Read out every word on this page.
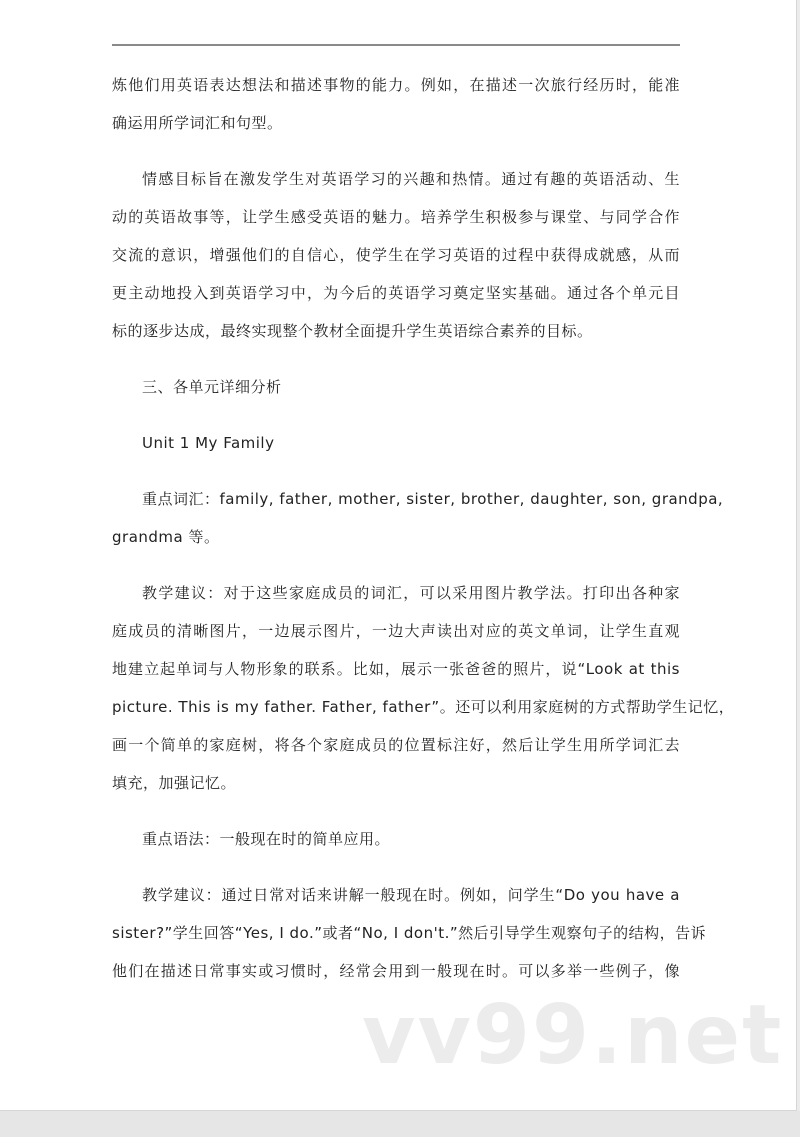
炼他们用英语表达想法和描述事物的能力。例如，在描述一次旅行经历时，能准
确运用所学词汇和句型。
情感目标旨在激发学生对英语学习的兴趣和热情。通过有趣的英语活动、生
动的英语故事等，让学生感受英语的魅力。培养学生积极参与课堂、与同学合作
交流的意识，增强他们的自信心，使学生在学习英语的过程中获得成就感，从而
更主动地投入到英语学习中，为今后的英语学习奠定坚实基础。通过各个单元目
标的逐步达成，最终实现整个教材全面提升学生英语综合素养的目标。
三、各单元详细分析
Unit 1 My Family
重点词汇：family, father, mother, sister, brother, daughter, son, grandpa,
grandma 等。
教学建议：对于这些家庭成员的词汇，可以采用图片教学法。打印出各种家
庭成员的清晰图片，一边展示图片，一边大声读出对应的英文单词，让学生直观
地建立起单词与人物形象的联系。比如，展示一张爸爸的照片，说“Look at this
picture. This is my father. Father, father”。还可以利用家庭树的方式帮助学生记忆，
画一个简单的家庭树，将各个家庭成员的位置标注好，然后让学生用所学词汇去
填充，加强记忆。
重点语法：一般现在时的简单应用。
教学建议：通过日常对话来讲解一般现在时。例如，问学生“Do you have a
sister?”学生回答“Yes, I do.”或者“No, I don't.”然后引导学生观察句子的结构，告诉
他们在描述日常事实或习惯时，经常会用到一般现在时。可以多举一些例子，像
vv99.net
